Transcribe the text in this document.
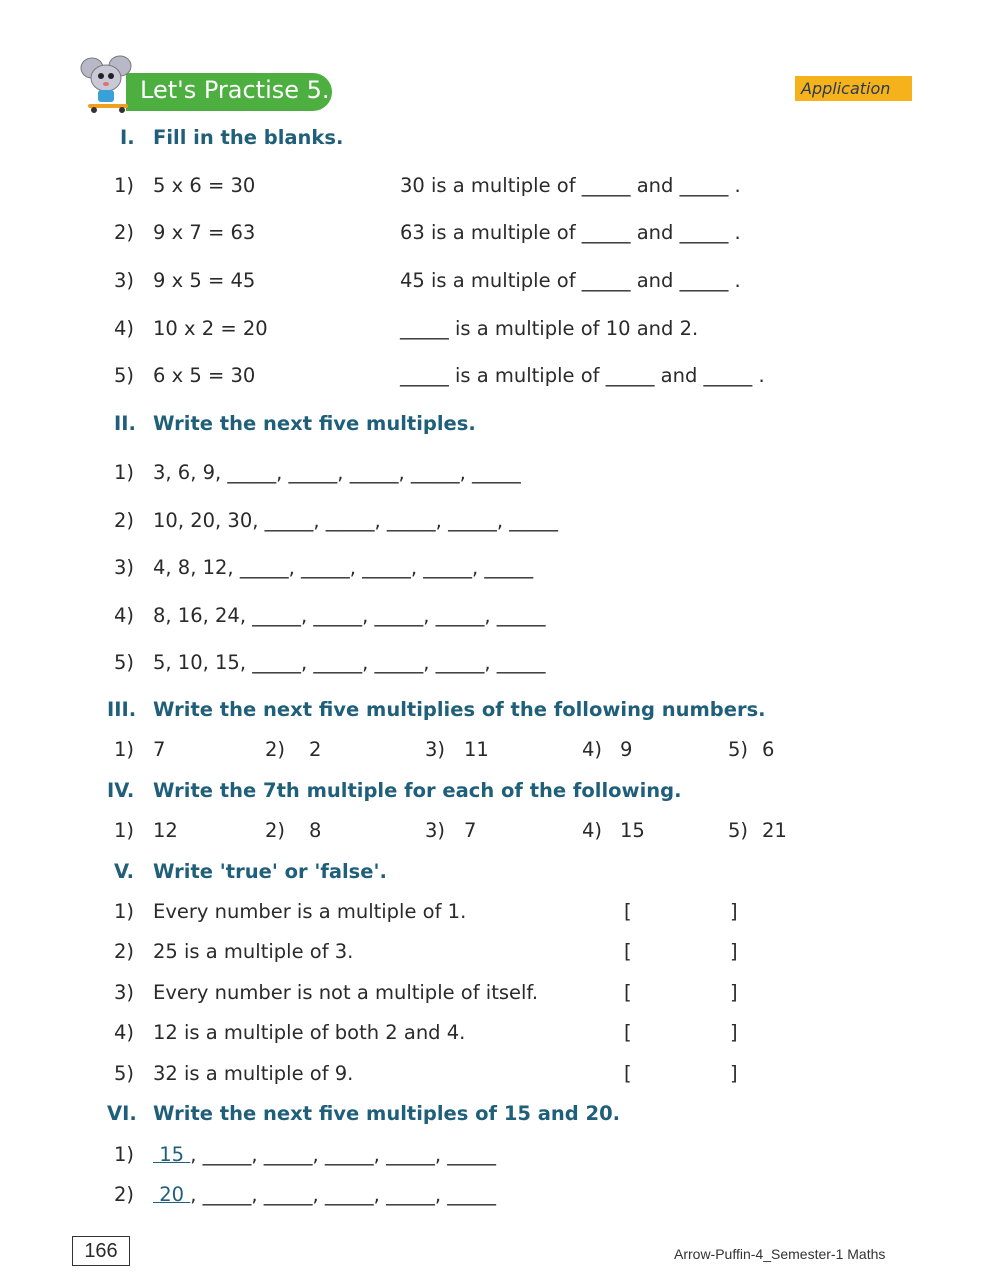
Let's Practise 5.1	Application
I. Fill in the blanks.
1) 5 x 6 = 30	30 is a multiple of _____ and _____ .
2) 9 x 7 = 63	63 is a multiple of _____ and _____ .
3) 9 x 5 = 45	45 is a multiple of _____ and _____ .
4) 10 x 2 = 20	_____ is a multiple of 10 and 2.
5) 6 x 5 = 30	_____ is a multiple of _____ and _____ .
II. Write the next five multiples.
1) 3, 6, 9, _____, _____, _____, _____, _____
2) 10, 20, 30, _____, _____, _____, _____, _____
3) 4, 8, 12, _____, _____, _____, _____, _____
4) 8, 16, 24, _____, _____, _____, _____, _____
5) 5, 10, 15, _____, _____, _____, _____, _____
III. Write the next five multiplies of the following numbers.
1) 7	2) 2	3) 11	4) 9	5) 6
IV. Write the 7th multiple for each of the following.
1) 12	2) 8	3) 7	4) 15	5) 21
V. Write 'true' or 'false'.
1) Every number is a multiple of 1.	[	]
2) 25 is a multiple of 3.	[	]
3) Every number is not a multiple of itself.	[	]
4) 12 is a multiple of both 2 and 4.	[	]
5) 32 is a multiple of 9.	[	]
VI. Write the next five multiples of 15 and 20.
1)	15 , _____, _____, _____, _____, _____
2)	20 , _____, _____, _____, _____, _____
166	Arrow-Puffin-4_Semester-1 Maths
